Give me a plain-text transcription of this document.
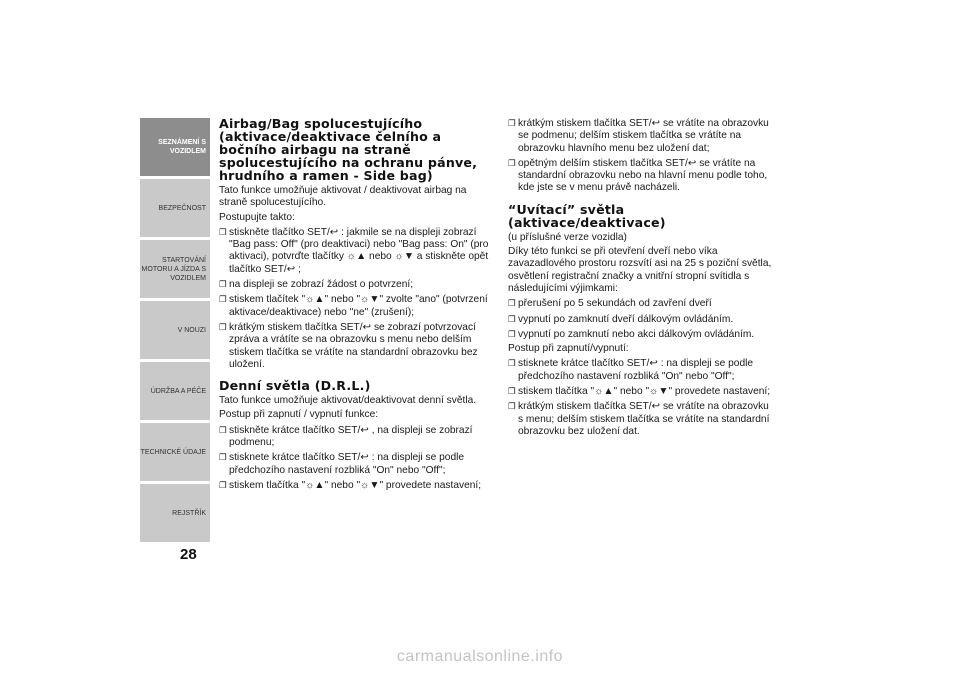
SEZNÁMENÍ S
VOZIDLEM
BEZPEČNOST
STARTOVÁNÍ
MOTORU A JÍZDA S
VOZIDLEM
V NOUZI
ÚDRŽBA A PÉČE
TECHNICKÉ ÚDAJE
REJSTŘÍK
28
Airbag/Bag spolucestujícího (aktivace/deaktivace čelního a bočního airbagu na straně spolucestujícího na ochranu pánve, hrudního a ramen - Side bag)

Tato funkce umožňuje aktivovat / deaktivovat airbag na straně spolucestujícího.

Postupujte takto:

❐ stiskněte tlačítko SET/↩ : jakmile se na displeji zobrazí "Bag pass: Off" (pro deaktivaci) nebo "Bag pass: On" (pro aktivaci), potvrďte tlačítky ☼▲ nebo ☼▼ a stiskněte opět tlačítko SET/↩ ;

❐ na displeji se zobrazí žádost o potvrzení;

❐ stiskem tlačítek "☼▲" nebo "☼▼" zvolte "ano" (potvrzení aktivace/deaktivace) nebo "ne" (zrušení);

❐ krátkým stiskem tlačítka SET/↩ se zobrazí potvrzovací zpráva a vrátíte se na obrazovku s menu nebo delším stiskem tlačítka se vrátíte na standardní obrazovku bez uložení.

Denní světla (D.R.L.)

Tato funkce umožňuje aktivovat/deaktivovat denní světla.

Postup při zapnutí / vypnutí funkce:

❐ stiskněte krátce tlačítko SET/↩ , na displeji se zobrazí podmenu;

❐ stisknete krátce tlačítko SET/↩ : na displeji se podle předchozího nastavení rozbliká "On" nebo "Off";

❐ stiskem tlačítka "☼▲" nebo "☼▼" provedete nastavení;

❐ krátkým stiskem tlačítka SET/↩ se vrátíte na obrazovku se podmenu; delším stiskem tlačítka se vrátíte na obrazovku hlavního menu bez uložení dat;

❐ opětným delším stiskem tlačítka SET/↩ se vrátíte na standardní obrazovku nebo na hlavní menu podle toho, kde jste se v menu právě nacházeli.

“Uvítací” světla (aktivace/deaktivace)

(u příslušné verze vozidla)

Díky této funkci se při otevření dveří nebo víka zavazadlového prostoru rozsvítí asi na 25 s poziční světla, osvětlení registrační značky a vnitřní stropní svítidla s následujícími výjimkami:

❐ přerušení po 5 sekundách od zavření dveří

❐ vypnutí po zamknutí dveří dálkovým ovládáním.

❐ vypnutí po zamknutí nebo akci dálkovým ovládáním.

Postup při zapnutí/vypnutí:

❐ stisknete krátce tlačítko SET/↩ : na displeji se podle předchozího nastavení rozbliká "On" nebo "Off";

❐ stiskem tlačítka "☼▲" nebo "☼▼" provedete nastavení;

❐ krátkým stiskem tlačítka SET/↩ se vrátíte na obrazovku s menu; delším stiskem tlačítka se vrátíte na standardní obrazovku bez uložení dat.

carmanualsonline.info
